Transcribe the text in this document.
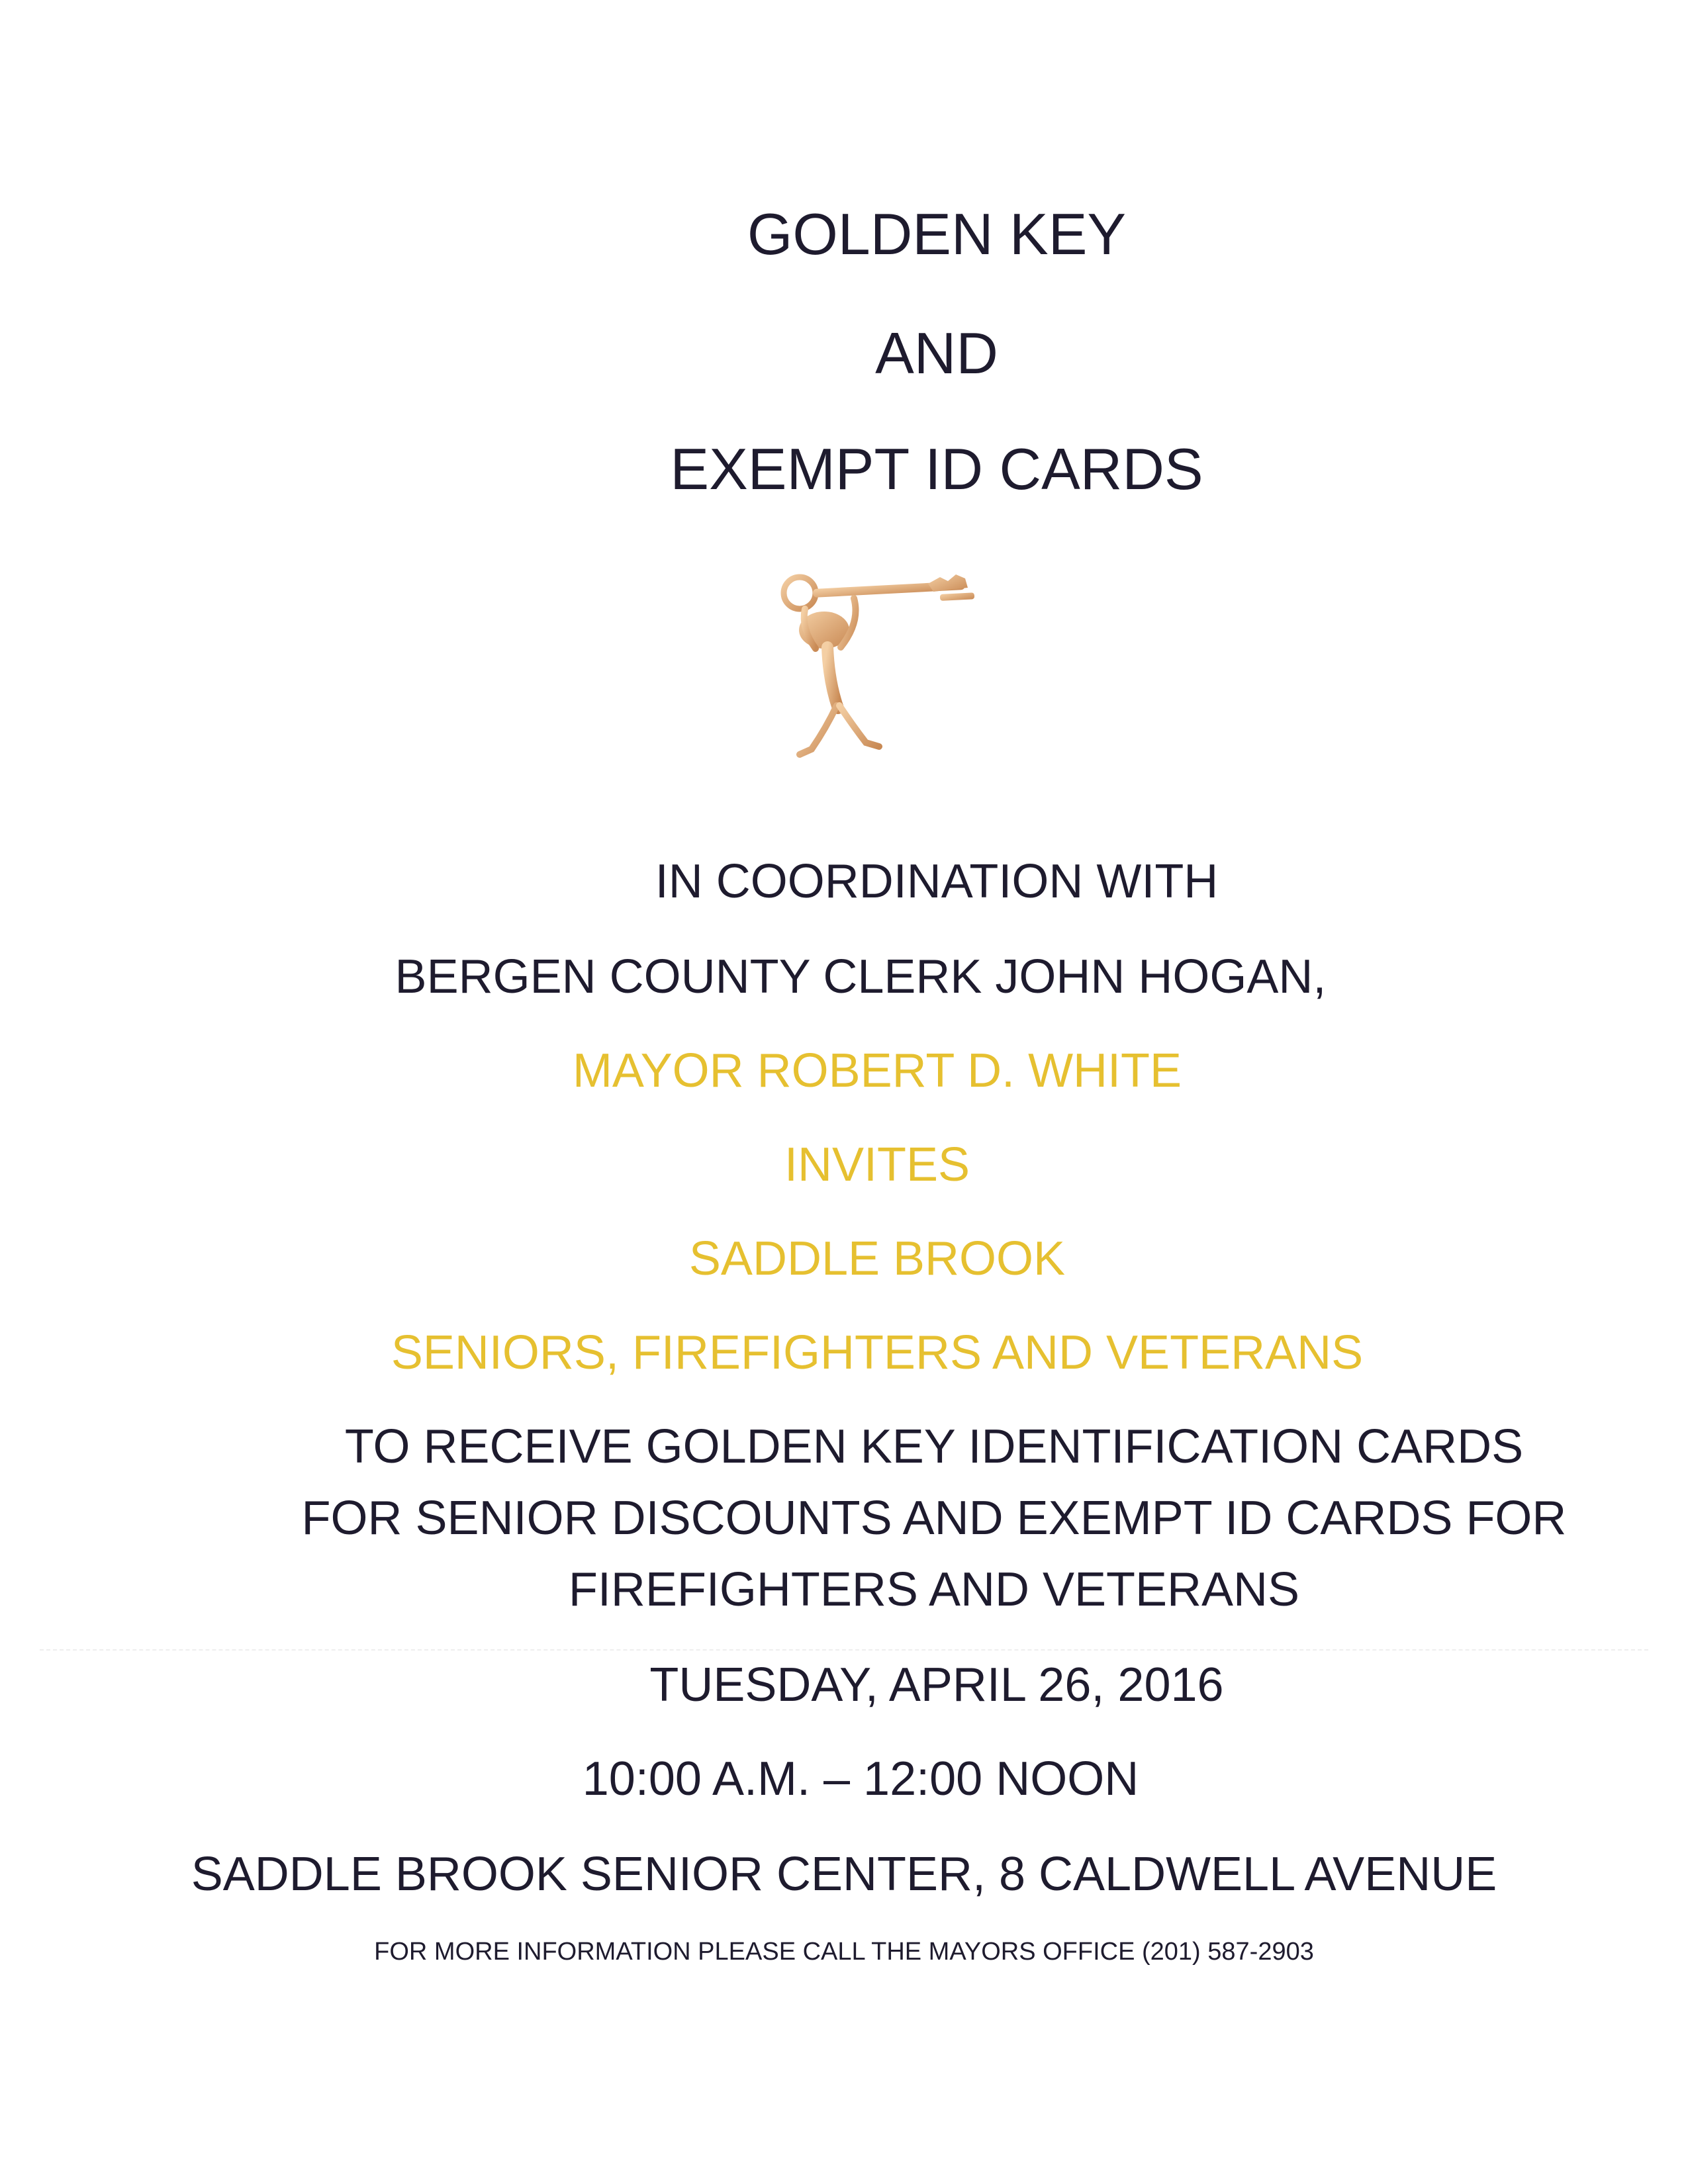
GOLDEN KEY
AND
EXEMPT ID CARDS
IN COORDINATION WITH
BERGEN COUNTY CLERK JOHN HOGAN,
MAYOR ROBERT D. WHITE
INVITES
SADDLE BROOK
SENIORS, FIREFIGHTERS AND VETERANS
TO RECEIVE GOLDEN KEY IDENTIFICATION CARDS
FOR SENIOR DISCOUNTS AND EXEMPT ID CARDS FOR
FIREFIGHTERS AND VETERANS
TUESDAY, APRIL 26, 2016
10:00 A.M. – 12:00 NOON
SADDLE BROOK SENIOR CENTER, 8 CALDWELL AVENUE
FOR MORE INFORMATION PLEASE CALL THE MAYORS OFFICE (201) 587-2903
